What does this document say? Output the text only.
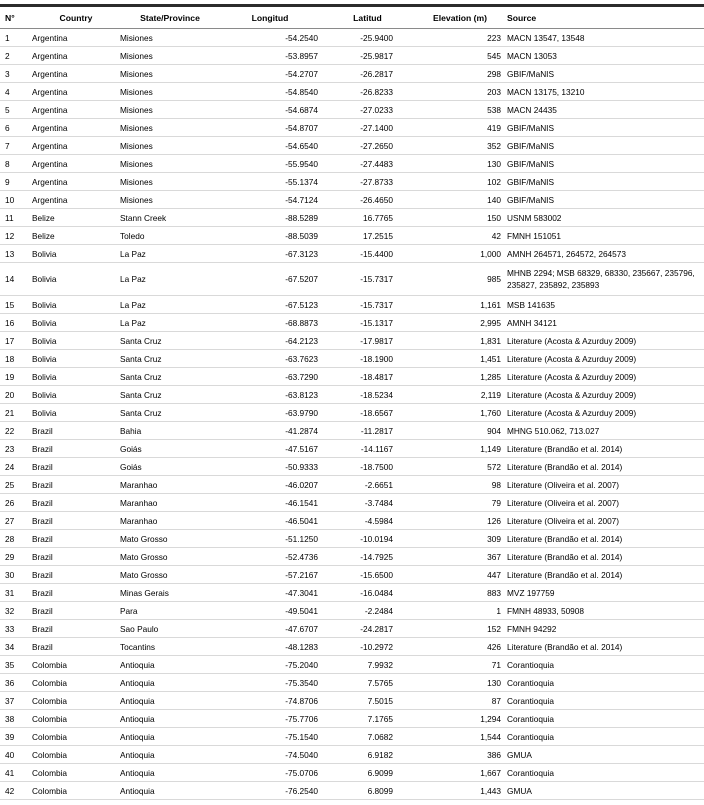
N°	Country	State/Province	Longitud	Latitud	Elevation (m)	Source
1	Argentina	Misiones	-54.2540	-25.9400	223	MACN 13547, 13548
2	Argentina	Misiones	-53.8957	-25.9817	545	MACN 13053
3	Argentina	Misiones	-54.2707	-26.2817	298	GBIF/MaNIS
4	Argentina	Misiones	-54.8540	-26.8233	203	MACN 13175, 13210
5	Argentina	Misiones	-54.6874	-27.0233	538	MACN 24435
6	Argentina	Misiones	-54.8707	-27.1400	419	GBIF/MaNIS
7	Argentina	Misiones	-54.6540	-27.2650	352	GBIF/MaNIS
8	Argentina	Misiones	-55.9540	-27.4483	130	GBIF/MaNIS
9	Argentina	Misiones	-55.1374	-27.8733	102	GBIF/MaNIS
10	Argentina	Misiones	-54.7124	-26.4650	140	GBIF/MaNIS
11	Belize	Stann Creek	-88.5289	16.7765	150	USNM 583002
12	Belize	Toledo	-88.5039	17.2515	42	FMNH 151051
13	Bolivia	La Paz	-67.3123	-15.4400	1,000	AMNH 264571, 264572, 264573
14	Bolivia	La Paz	-67.5207	-15.7317	985	MHNB 2294; MSB 68329, 68330, 235667, 235796, 235827, 235892, 235893
15	Bolivia	La Paz	-67.5123	-15.7317	1,161	MSB 141635
16	Bolivia	La Paz	-68.8873	-15.1317	2,995	AMNH 34121
17	Bolivia	Santa Cruz	-64.2123	-17.9817	1,831	Literature (Acosta & Azurduy 2009)
18	Bolivia	Santa Cruz	-63.7623	-18.1900	1,451	Literature (Acosta & Azurduy 2009)
19	Bolivia	Santa Cruz	-63.7290	-18.4817	1,285	Literature (Acosta & Azurduy 2009)
20	Bolivia	Santa Cruz	-63.8123	-18.5234	2,119	Literature (Acosta & Azurduy 2009)
21	Bolivia	Santa Cruz	-63.9790	-18.6567	1,760	Literature (Acosta & Azurduy 2009)
22	Brazil	Bahia	-41.2874	-11.2817	904	MHNG 510.062, 713.027
23	Brazil	Goiás	-47.5167	-14.1167	1,149	Literature (Brandão et al. 2014)
24	Brazil	Goiás	-50.9333	-18.7500	572	Literature (Brandão et al. 2014)
25	Brazil	Maranhao	-46.0207	-2.6651	98	Literature (Oliveira et al. 2007)
26	Brazil	Maranhao	-46.1541	-3.7484	79	Literature (Oliveira et al. 2007)
27	Brazil	Maranhao	-46.5041	-4.5984	126	Literature (Oliveira et al. 2007)
28	Brazil	Mato Grosso	-51.1250	-10.0194	309	Literature (Brandão et al. 2014)
29	Brazil	Mato Grosso	-52.4736	-14.7925	367	Literature (Brandão et al. 2014)
30	Brazil	Mato Grosso	-57.2167	-15.6500	447	Literature (Brandão et al. 2014)
31	Brazil	Minas Gerais	-47.3041	-16.0484	883	MVZ 197759
32	Brazil	Para	-49.5041	-2.2484	1	FMNH 48933, 50908
33	Brazil	Sao Paulo	-47.6707	-24.2817	152	FMNH 94292
34	Brazil	Tocantins	-48.1283	-10.2972	426	Literature (Brandão et al. 2014)
35	Colombia	Antioquia	-75.2040	7.9932	71	Corantioquia
36	Colombia	Antioquia	-75.3540	7.5765	130	Corantioquia
37	Colombia	Antioquia	-74.8706	7.5015	87	Corantioquia
38	Colombia	Antioquia	-75.7706	7.1765	1,294	Corantioquia
39	Colombia	Antioquia	-75.1540	7.0682	1,544	Corantioquia
40	Colombia	Antioquia	-74.5040	6.9182	386	GMUA
41	Colombia	Antioquia	-75.0706	6.9099	1,667	Corantioquia
42	Colombia	Antioquia	-76.2540	6.8099	1,443	GMUA
